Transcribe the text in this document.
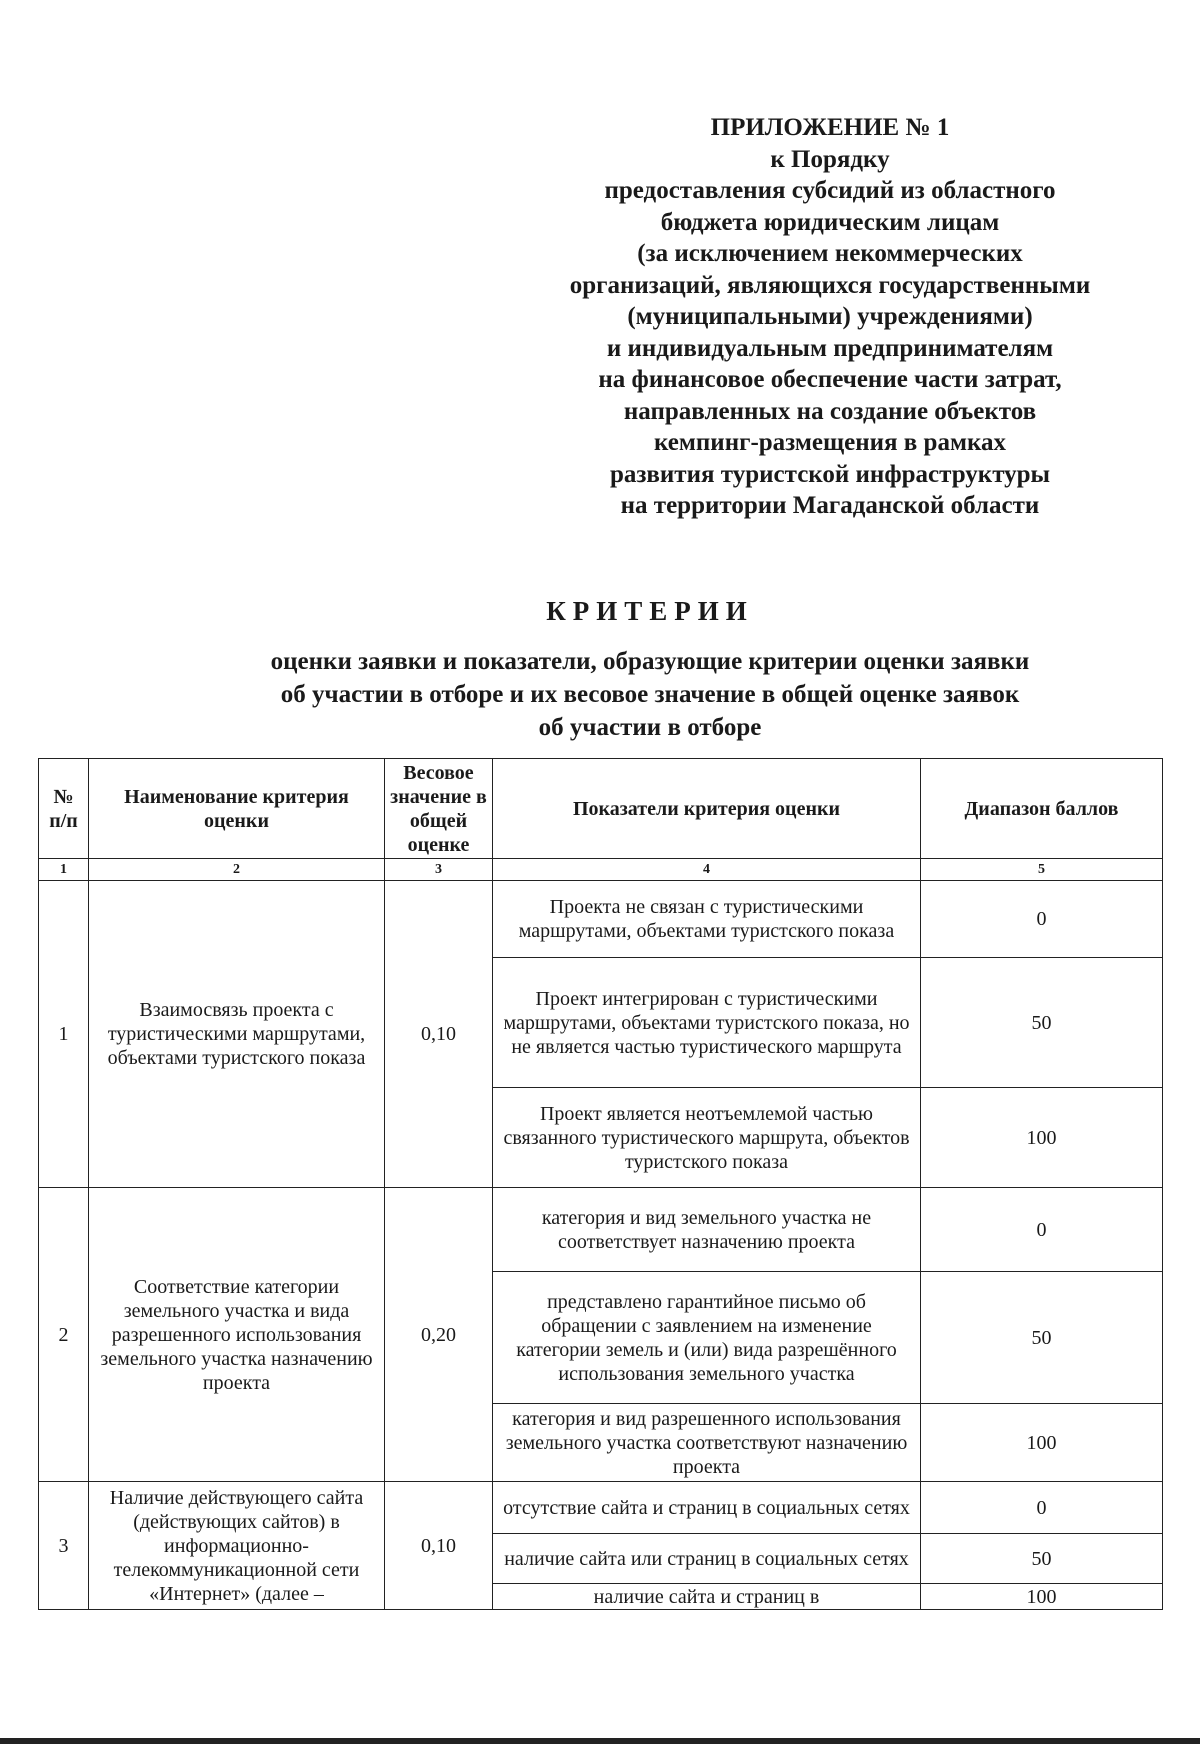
ПРИЛОЖЕНИЕ № 1
к Порядку
предоставления субсидий из областного
бюджета юридическим лицам
(за исключением некоммерческих
организаций, являющихся государственными
(муниципальными) учреждениями)
и индивидуальным предпринимателям
на финансовое обеспечение части затрат,
направленных на создание объектов
кемпинг-размещения в рамках
развития туристской инфраструктуры
на территории Магаданской области
КРИТЕРИИ
оценки заявки и показатели, образующие критерии оценки заявки
об участии в отборе и их весовое значение в общей оценке заявок
об участии в отборе
№ п/п	Наименование критерия оценки	Весовое значение в общей оценке	Показатели критерия оценки	Диапазон баллов
1	2	3	4	5
1	Взаимосвязь проекта с туристическими маршрутами, объектами туристского показа	0,10	Проекта не связан с туристическими маршрутами, объектами туристского показа	0
			Проект интегрирован с туристическими маршрутами, объектами туристского показа, но не является частью туристического маршрута	50
			Проект является неотъемлемой частью связанного туристического маршрута, объектов туристского показа	100
2	Соответствие категории земельного участка и вида разрешенного использования земельного участка назначению проекта	0,20	категория и вид земельного участка не соответствует назначению проекта	0
			представлено гарантийное письмо об обращении с заявлением на изменение категории земель и (или) вида разрешённого использования земельного участка	50
			категория и вид разрешенного использования земельного участка соответствуют назначению проекта	100
3	Наличие действующего сайта (действующих сайтов) в информационно-телекоммуникационной сети «Интернет» (далее –	0,10	отсутствие сайта и страниц в социальных сетях	0
			наличие сайта или страниц в социальных сетях	50
			наличие сайта и страниц в	100
